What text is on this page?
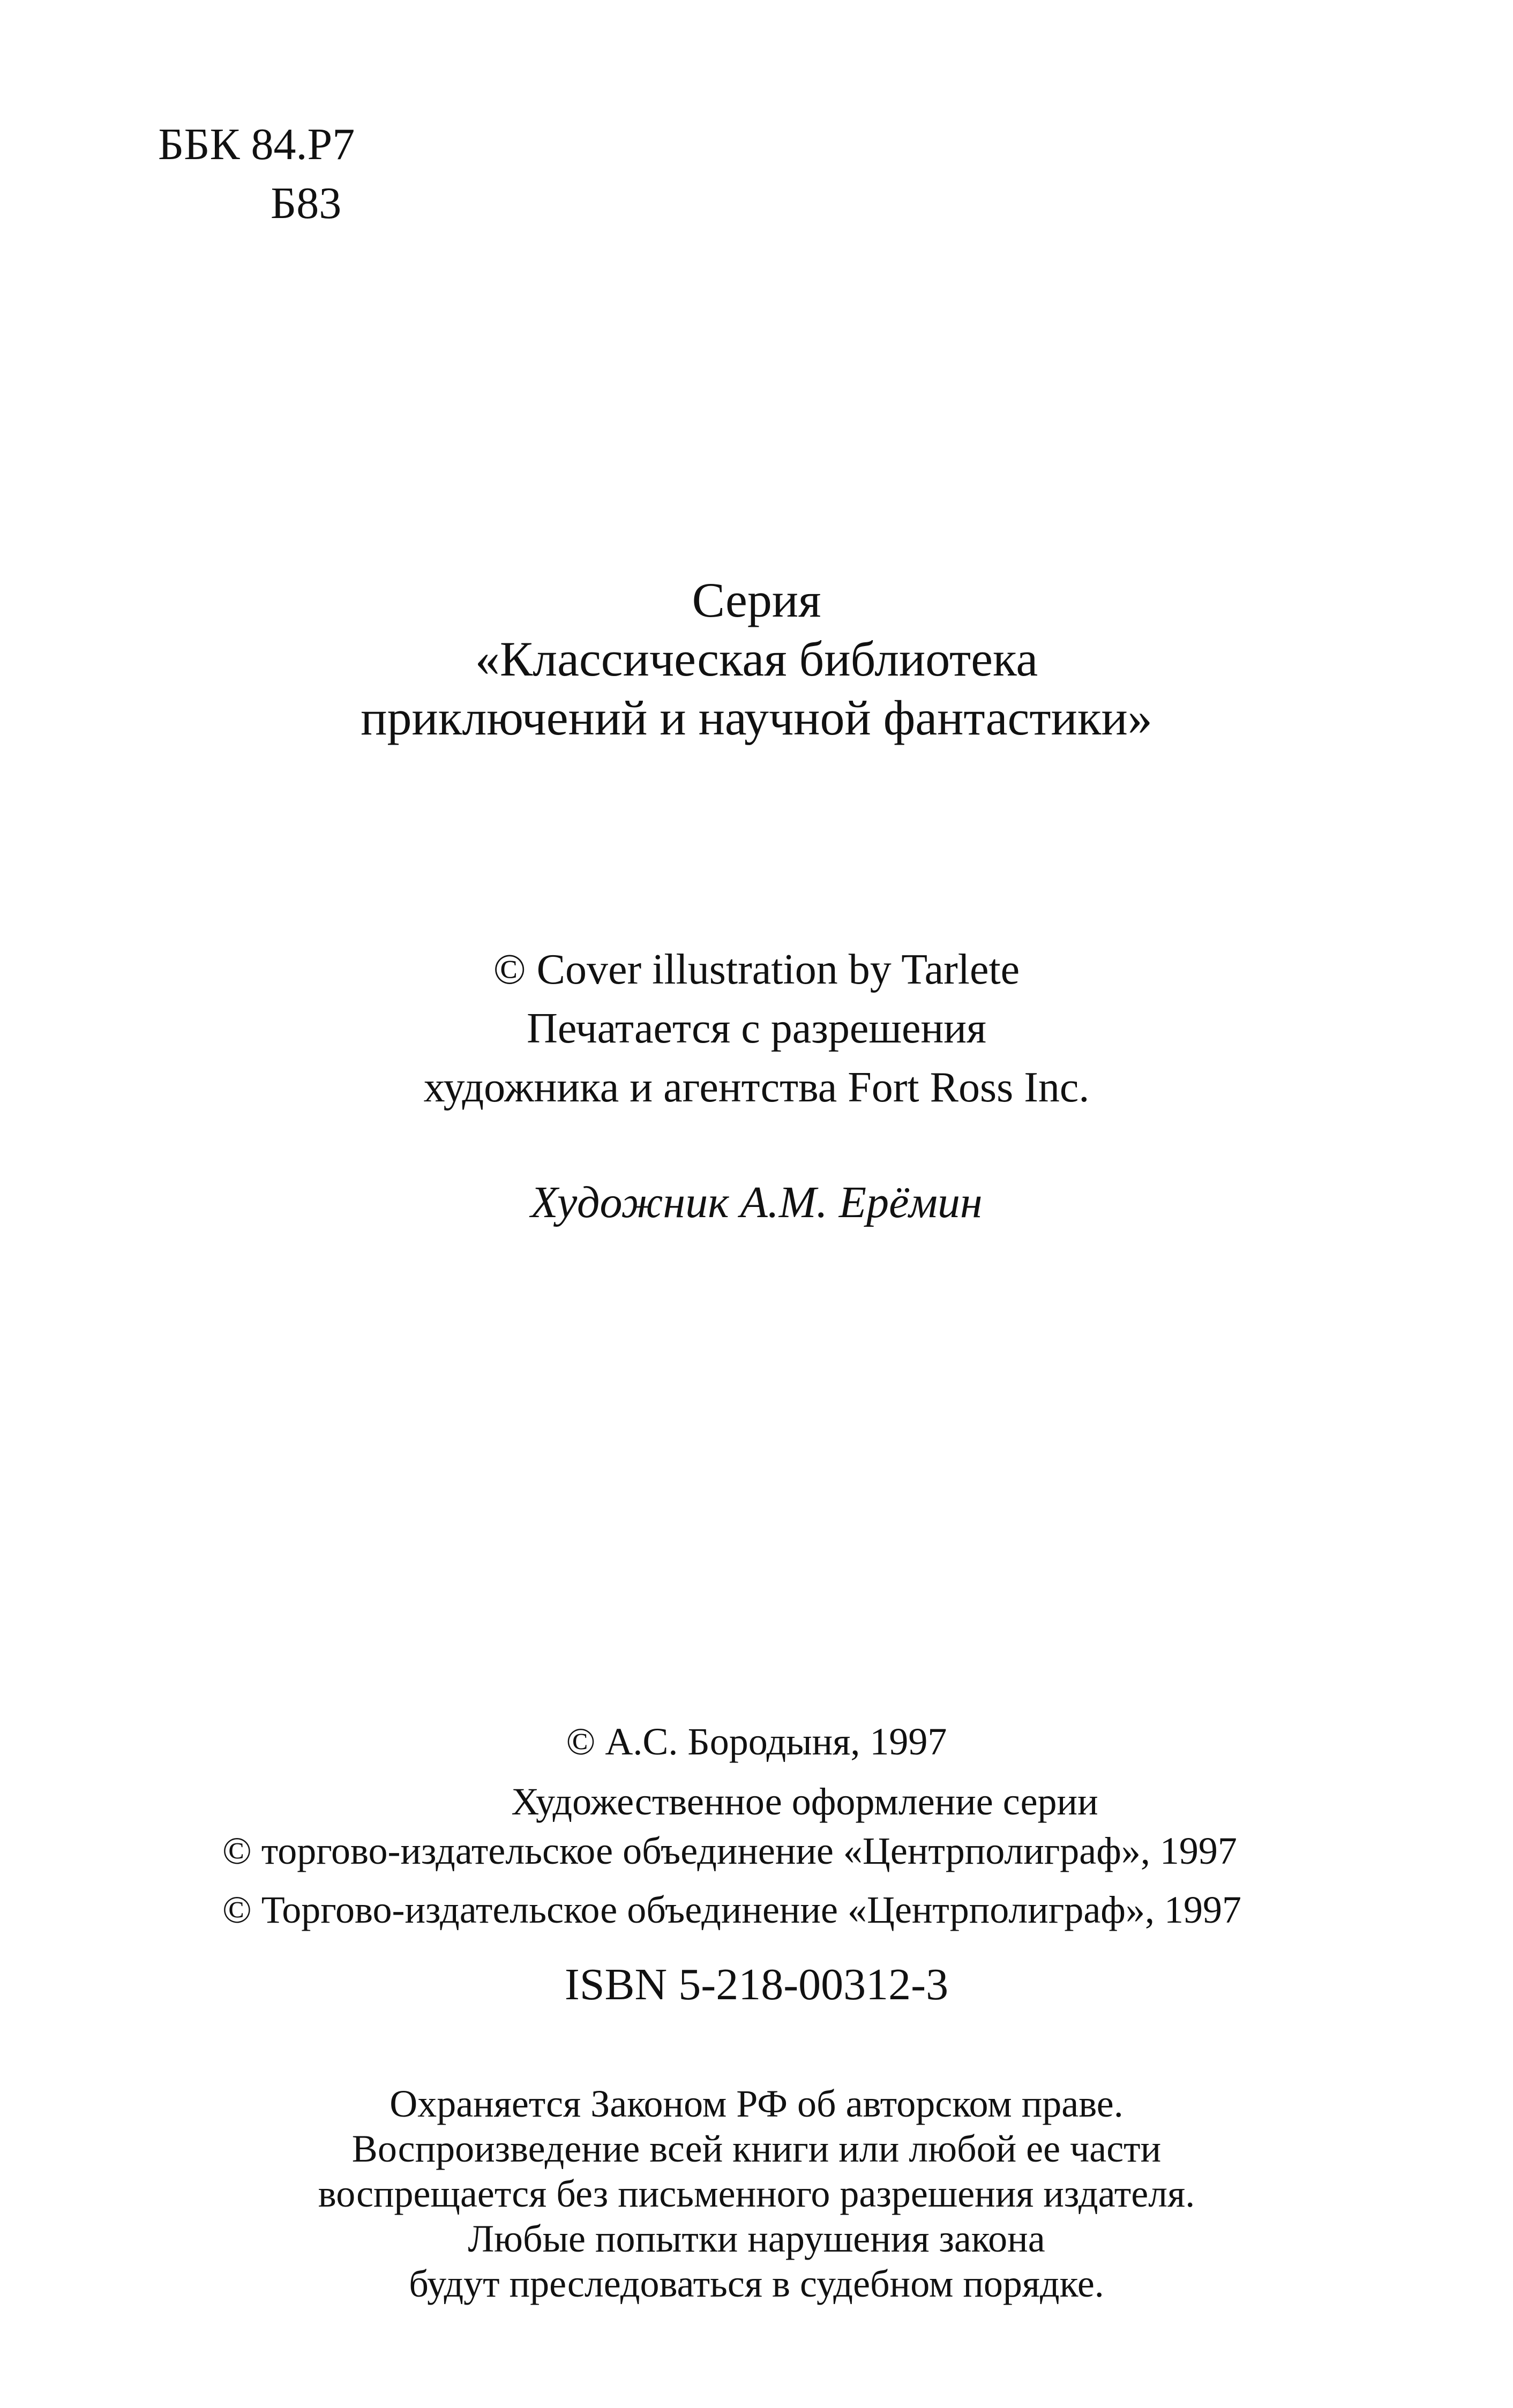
ББК 84.Р7
Б83
Серия
«Классическая библиотека
приключений и научной фантастики»
© Cover illustration by Tarlete
Печатается с разрешения
художника и агентства Fort Ross Inc.
Художник А.М. Ерёмин
© А.С. Бородыня, 1997
Художественное оформление серии
© торгово-издательское объединение «Центрполиграф», 1997
© Торгово-издательское объединение «Центрполиграф», 1997
ISBN 5-218-00312-3
Охраняется Законом РФ об авторском праве.
Воспроизведение всей книги или любой ее части
воспрещается без письменного разрешения издателя.
Любые попытки нарушения закона
будут преследоваться в судебном порядке.
